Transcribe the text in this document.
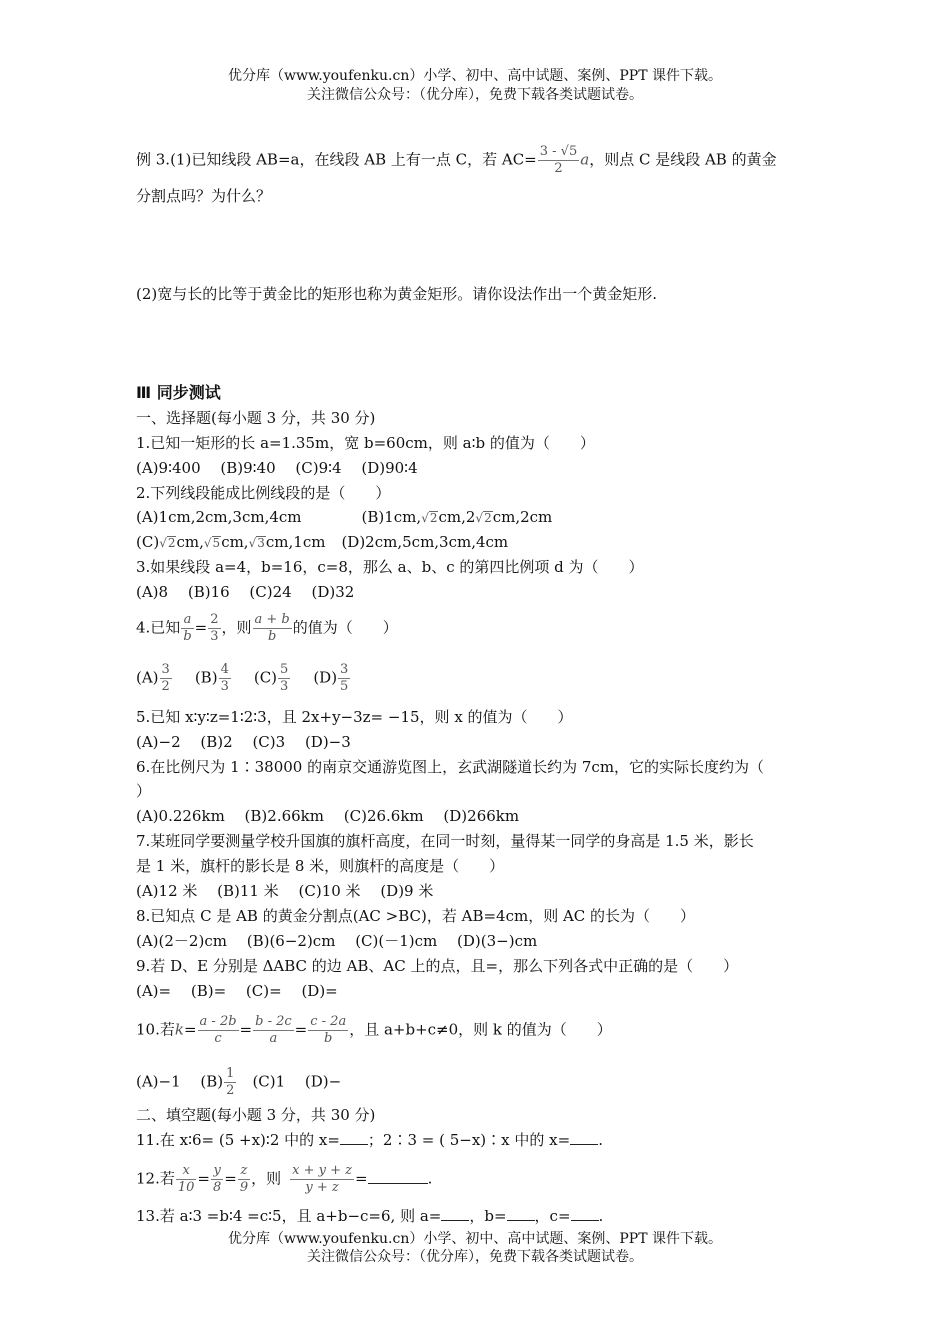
优分库（www.youfenku.cn）小学、初中、高中试题、案例、PPT 课件下载。
关注微信公众号：（优分库），免费下载各类试题试卷。
例 3.(1)已知线段 AB=a，在线段 AB 上有一点 C，若 $AC= \frac{3 - √5}{2}$ a，则点 C 是线段 AB 的黄金
分割点吗？为什么？
(2)宽与长的比等于黄金比的矩形也称为黄金矩形。请你设法作出一个黄金矩形.
Ⅲ 同步测试
一、选择题(每小题 3 分，共 30 分)
1.已知一矩形的长 a=1.35m，宽 b=60cm，则 a∶b 的值为（　　）
(A)9∶400　 (B)9∶40　 (C)9∶4　 (D)90∶4
2.下列线段能成比例线段的是（　　）
(A)1cm,2cm,3cm,4cm	(B)1cm,√2cm,2√2cm,2cm
(C)√2cm,√5cm,√3cm,1cm (D)2cm,5cm,3cm,4cm
3.如果线段 a=4，b=16，c=8，那么 a、b、c 的第四比例项 d 为（　　）
(A)8　 (B)16　 (C)24　 (D)32
4.已知 $\frac{a}{b} = \frac{2}{3}$ ，则 $\frac{a + b}{b}$ 的值为（　　）
$(A) \frac{3}{2} (B) \frac{4}{3} (C) \frac{5}{3} (D) \frac{3}{5}$
5.已知 x∶y∶z=1∶2∶3，且 2x+y−3z= −15，则 x 的值为（　　）
(A)−2　 (B)2　 (C)3　 (D)−3
6.在比例尺为 1∶38000 的南京交通游览图上，玄武湖隧道长约为 7cm，它的实际长度约为（
）
(A)0.226km　 (B)2.66km　 (C)26.6km　 (D)266km
7.某班同学要测量学校升国旗的旗杆高度，在同一时刻，量得某一同学的身高是 1.5 米，影长
是 1 米，旗杆的影长是 8 米，则旗杆的高度是（　　）
(A)12 米　 (B)11 米　 (C)10 米　 (D)9 米
8.已知点 C 是 AB 的黄金分割点(AC >BC)，若 AB=4cm，则 AC 的长为（　　）
(A)(2－2)cm　 (B)(6−2)cm　 (C)(－1)cm　 (D)(3−)cm
9.若 D、E 分别是 ΔABC 的边 AB、AC 上的点，且=，那么下列各式中正确的是（　　）
(A)=　 (B)=　 (C)=　 (D)=
10.若$k= \frac{a - 2b}{c} = \frac{b - 2c}{a} = \frac{c - 2a}{b}$ ，且 a+b+c≠0，则 k 的值为（　　）
(A)−1　 $(B) \frac{1}{2}$ 　(C)1　 (D)−
二、填空题(每小题 3 分，共 30 分)
11.在 x∶6= (5 +x)∶2 中的 x= ；2∶3 = ( 5−x)∶x 中的 x= .
12.若 $\frac{x}{10} = \frac{y}{8} = \frac{z}{9}$ ，则 $\frac{x + y + z}{y + z}$ =	.
13.若 a∶3 =b∶4 =c∶5，且 a+b−c=6, 则 a= ，b= ，c= .
优分库（www.youfenku.cn）小学、初中、高中试题、案例、PPT 课件下载。
关注微信公众号：（优分库），免费下载各类试题试卷。
